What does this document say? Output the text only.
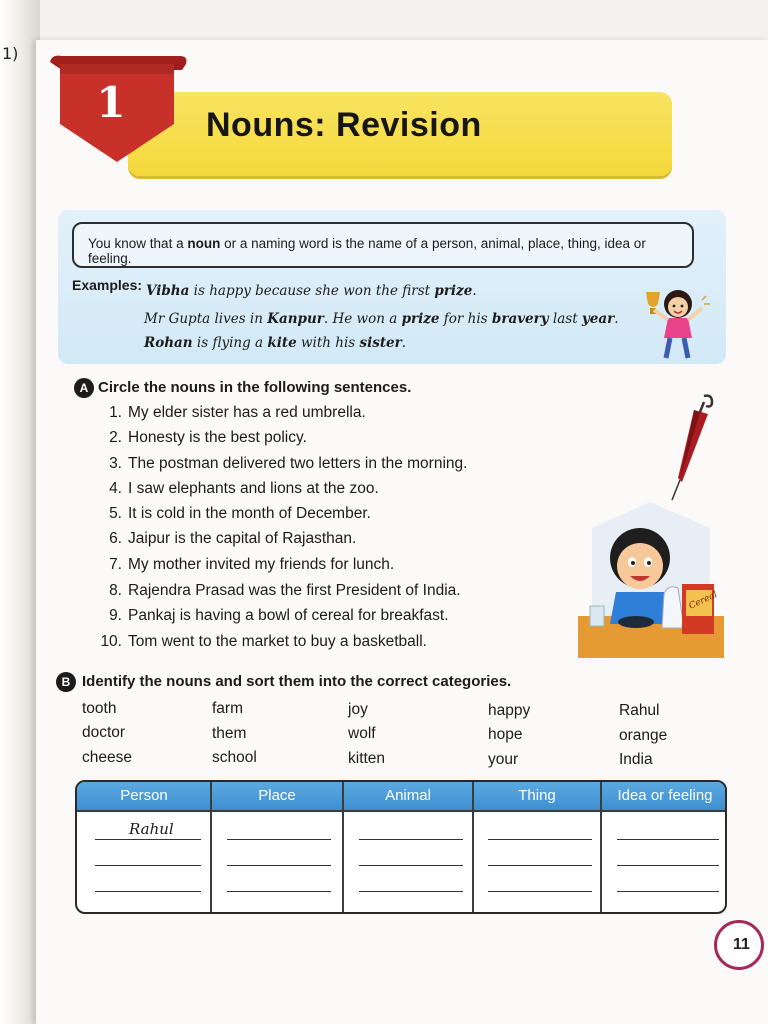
1)
1	Nouns: Revision
You know that a noun or a naming word is the name of a person, animal, place, thing, idea or feeling.
Examples: Vibha is happy because she won the first prize.
Mr Gupta lives in Kanpur. He won a prize for his bravery last year.
Rohan is flying a kite with his sister.
A Circle the nouns in the following sentences.
1. My elder sister has a red umbrella.
2. Honesty is the best policy.
3. The postman delivered two letters in the morning.
4. I saw elephants and lions at the zoo.
5. It is cold in the month of December.
6. Jaipur is the capital of Rajasthan.
7. My mother invited my friends for lunch.
8. Rajendra Prasad was the first President of India.
9. Pankaj is having a bowl of cereal for breakfast.
10. Tom went to the market to buy a basketball.
Cereal
B Identify the nouns and sort them into the correct categories.
tooth	farm	joy	happy	Rahul
doctor	them	wolf	hope	orange
cheese	school	kitten	your	India
Person	Place	Animal	Thing	Idea or feeling
Rahul
11
